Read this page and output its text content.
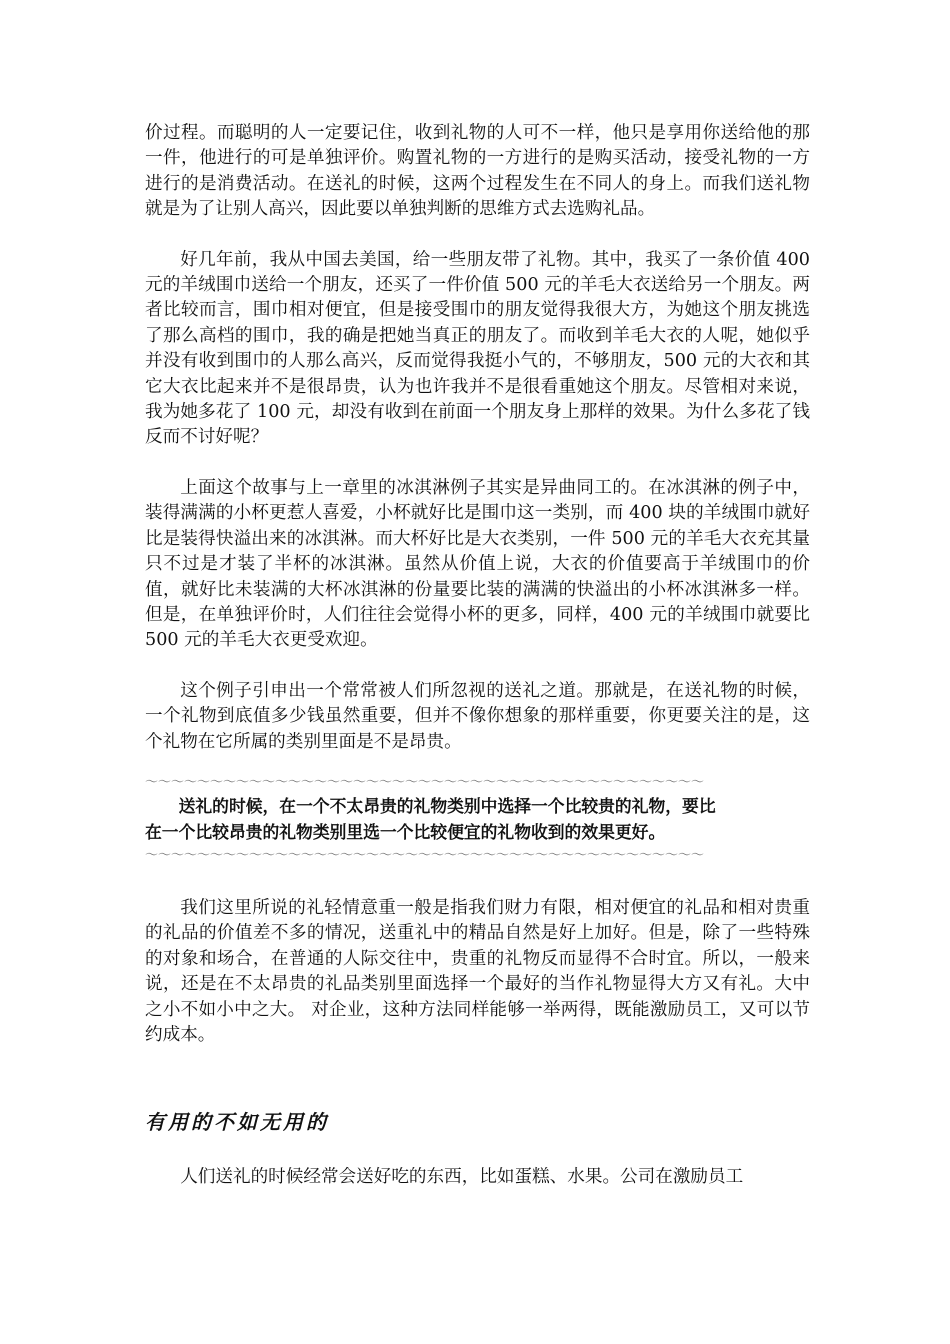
价过程。而聪明的人一定要记住，收到礼物的人可不一样，他只是享用你送给他的那一件，他进行的可是单独评价。购置礼物的一方进行的是购买活动，接受礼物的一方进行的是消费活动。在送礼的时候，这两个过程发生在不同人的身上。而我们送礼物就是为了让别人高兴，因此要以单独判断的思维方式去选购礼品。

好几年前，我从中国去美国，给一些朋友带了礼物。其中，我买了一条价值 400 元的羊绒围巾送给一个朋友，还买了一件价值 500 元的羊毛大衣送给另一个朋友。两者比较而言，围巾相对便宜，但是接受围巾的朋友觉得我很大方，为她这个朋友挑选了那么高档的围巾，我的确是把她当真正的朋友了。而收到羊毛大衣的人呢，她似乎并没有收到围巾的人那么高兴，反而觉得我挺小气的，不够朋友，500 元的大衣和其它大衣比起来并不是很昂贵，认为也许我并不是很看重她这个朋友。尽管相对来说，我为她多花了 100 元，却没有收到在前面一个朋友身上那样的效果。为什么多花了钱反而不讨好呢？

上面这个故事与上一章里的冰淇淋例子其实是异曲同工的。在冰淇淋的例子中，装得满满的小杯更惹人喜爱，小杯就好比是围巾这一类别，而 400 块的羊绒围巾就好比是装得快溢出来的冰淇淋。而大杯好比是大衣类别，一件 500 元的羊毛大衣充其量只不过是才装了半杯的冰淇淋。虽然从价值上说，大衣的价值要高于羊绒围巾的价值，就好比未装满的大杯冰淇淋的份量要比装的满满的快溢出的小杯冰淇淋多一样。但是，在单独评价时，人们往往会觉得小杯的更多，同样，400 元的羊绒围巾就要比 500 元的羊毛大衣更受欢迎。

这个例子引申出一个常常被人们所忽视的送礼之道。那就是，在送礼物的时候，一个礼物到底值多少钱虽然重要，但并不像你想象的那样重要，你更要关注的是，这个礼物在它所属的类别里面是不是昂贵。

～～～～～～～～～～～～～～～～～～～～～～～～～～～～～～～～～～～～～～～～～～～
送礼的时候，在一个不太昂贵的礼物类别中选择一个比较贵的礼物，要比
在一个比较昂贵的礼物类别里选一个比较便宜的礼物收到的效果更好。
～～～～～～～～～～～～～～～～～～～～～～～～～～～～～～～～～～～～～～～～～～～

我们这里所说的礼轻情意重一般是指我们财力有限，相对便宜的礼品和相对贵重的礼品的价值差不多的情况，送重礼中的精品自然是好上加好。但是，除了一些特殊的对象和场合，在普通的人际交往中，贵重的礼物反而显得不合时宜。所以，一般来说，还是在不太昂贵的礼品类别里面选择一个最好的当作礼物显得大方又有礼。大中之小不如小中之大。 对企业，这种方法同样能够一举两得，既能激励员工，又可以节约成本。

有用的不如无用的

人们送礼的时候经常会送好吃的东西，比如蛋糕、水果。公司在激励员工
